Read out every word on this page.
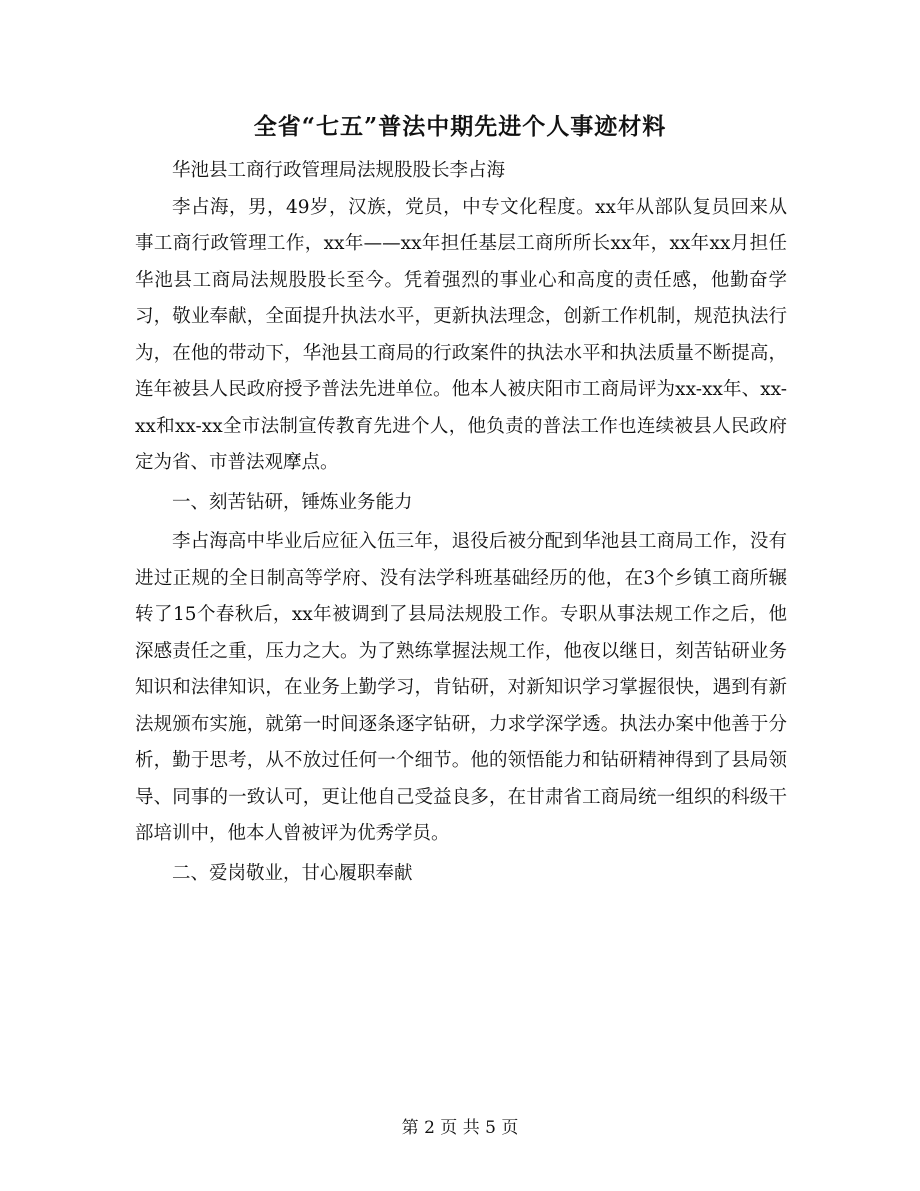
全省“七五”普法中期先进个人事迹材料

华池县工商行政管理局法规股股长李占海

李占海，男，49岁，汉族，党员，中专文化程度。xx年从部队复员回来从事工商行政管理工作，xx年——xx年担任基层工商所所长xx年，xx年xx月担任华池县工商局法规股股长至今。凭着强烈的事业心和高度的责任感，他勤奋学习，敬业奉献，全面提升执法水平，更新执法理念，创新工作机制，规范执法行为，在他的带动下，华池县工商局的行政案件的执法水平和执法质量不断提高，连年被县人民政府授予普法先进单位。他本人被庆阳市工商局评为xx-xx年、xx-xx和xx-xx全市法制宣传教育先进个人，他负责的普法工作也连续被县人民政府定为省、市普法观摩点。

一、刻苦钻研，锤炼业务能力

李占海高中毕业后应征入伍三年，退役后被分配到华池县工商局工作，没有进过正规的全日制高等学府、没有法学科班基础经历的他，在3个乡镇工商所辗转了15个春秋后，xx年被调到了县局法规股工作。专职从事法规工作之后，他深感责任之重，压力之大。为了熟练掌握法规工作，他夜以继日，刻苦钻研业务知识和法律知识，在业务上勤学习，肯钻研，对新知识学习掌握很快，遇到有新法规颁布实施，就第一时间逐条逐字钻研，力求学深学透。执法办案中他善于分析，勤于思考，从不放过任何一个细节。他的领悟能力和钻研精神得到了县局领导、同事的一致认可，更让他自己受益良多，在甘肃省工商局统一组织的科级干部培训中，他本人曾被评为优秀学员。

二、爱岗敬业，甘心履职奉献

第 2 页 共 5 页
